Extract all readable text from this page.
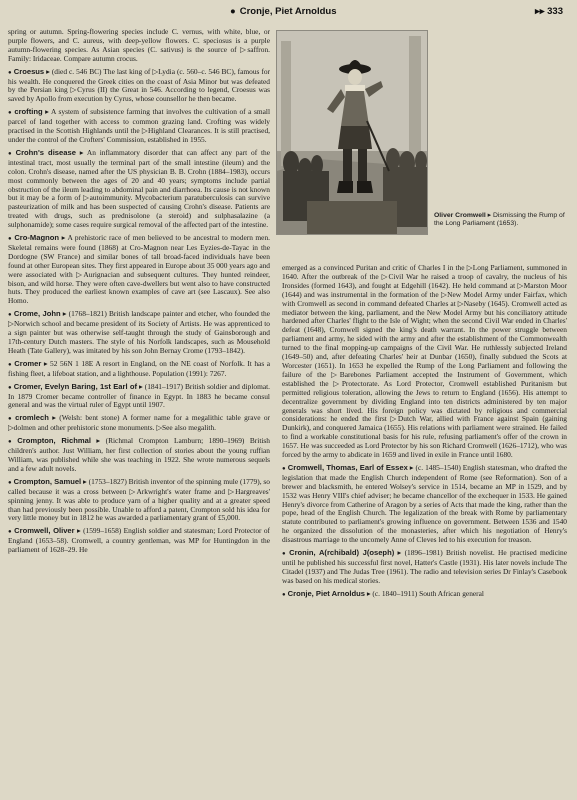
● Cronje, Piet Arnoldus	▸▸ 333

spring or autumn. Spring-flowering species include C. vernus, with white, blue, or purple flowers, and C. aureus, with deep-yellow flowers. C. speciosus is a purple autumn-flowering species. As Asian species (C. sativus) is the source of ▷saffron. Family: Iridaceae. Compare autumn crocus.

● Croesus ▸ (died c. 546 BC) The last king of ▷Lydia (c. 560–c. 546 BC), famous for his wealth. He conquered the Greek cities on the coast of Asia Minor but was defeated by the Persian king ▷Cyrus (II) the Great in 546. According to legend, Croesus was saved by Apollo from execution by Cyrus, whose counsellor he then became.

● crofting ▸ A system of subsistence farming that involves the cultivation of a small parcel of land together with access to common grazing land. Crofting was widely practised in the Scottish Highlands until the ▷Highland Clearances. It is still practised, under the control of the Crofters' Commission, established in 1955.

● Crohn's disease ▸ An inflammatory disorder that can affect any part of the intestinal tract, most usually the terminal part of the small intestine (ileum) and the colon. Crohn's disease, named after the US physician B. B. Crohn (1884–1983), occurs most commonly between the ages of 20 and 40 years; symptoms include partial obstruction of the ileum leading to abdominal pain and diarrhoea. Its cause is not known but it may be a form of ▷autoimmunity. Mycobacterium paratuberculosis can survive pasteurization of milk and has been suspected of causing Crohn's disease. Patients are treated with drugs, such as prednisolone (a steroid) and sulphasalazine (a sulphonamide); some cases require surgical removal of the affected part of the intestine.

● Cro-Magnon ▸ A prehistoric race of men believed to be ancestral to modern men. Skeletal remains were found (1868) at Cro-Magnon near Les Eyzies-de-Tayac in the Dordogne (SW France) and similar bones of tall broad-faced individuals have been found at other European sites. They first appeared in Europe about 35 000 years ago and were associated with ▷Aurignacian and subsequent cultures. They hunted reindeer, bison, and wild horse. They were often cave-dwellers but went also to have constructed huts. They produced the earliest known examples of cave art (see Lascaux). See also Homo.

● Crome, John ▸ (1768–1821) British landscape painter and etcher, who founded the ▷Norwich school and became president of its Society of Artists. He was apprenticed to a sign painter but was otherwise self-taught through the study of Gainsborough and 17th-century Dutch masters. The style of his Norfolk landscapes, such as Mousehold Heath (Tate Gallery), was imitated by his son John Bernay Crome (1793–1842).

● Cromer ▸ 52 56N 1 18E A resort in England, on the NE coast of Norfolk. It has a fishing fleet, a lifeboat station, and a lighthouse. Population (1991): 7267.

● Cromer, Evelyn Baring, 1st Earl of ▸ (1841–1917) British soldier and diplomat. In 1879 Cromer became controller of finance in Egypt. In 1883 he became consul general and was the virtual ruler of Egypt until 1907.

● cromlech ▸ (Welsh: bent stone) A former name for a megalithic table grave or ▷dolmen and other prehistoric stone monuments. ▷See also megalith.

● Crompton, Richmal ▸ (Richmal Crompton Lamburn; 1890–1969) British children's author. Just William, her first collection of stories about the young ruffian William, was published while she was teaching in 1922. She wrote numerous sequels and a few adult novels.

● Crompton, Samuel ▸ (1753–1827) British inventor of the spinning mule (1779), so called because it was a cross between ▷Arkwright's water frame and ▷Hargreaves' spinning jenny. It was able to produce yarn of a higher quality and at a greater speed than had previously been possible. Unable to afford a patent, Crompton sold his idea for very little money but in 1812 he was awarded a parliamentary grant of £5,000.

● Cromwell, Oliver ▸ (1599–1658) English soldier and statesman; Lord Protector of England (1653–58). Cromwell, a country gentleman, was MP for Huntingdon in the parliament of 1628–29. He

Oliver Cromwell ▸ Dismissing the Rump of the Long Parliament (1653).

emerged as a convinced Puritan and critic of Charles I in the ▷Long Parliament, summoned in 1640. After the outbreak of the ▷Civil War he raised a troop of cavalry, the nucleus of his Ironsides (formed 1643), and fought at Edgehill (1642). He held command at ▷Marston Moor (1644) and was instrumental in the formation of the ▷New Model Army under Fairfax, which with Cromwell as second in command defeated Charles at ▷Naseby (1645). Cromwell acted as mediator between the king, parliament, and the New Model Army but his conciliatory attitude hardened after Charles' flight to the Isle of Wight; when the second Civil War ended in Charles' defeat (1648), Cromwell signed the king's death warrant. In the power struggle between parliament and army, he sided with the army and after the establishment of the Commonwealth turned to the final mopping-up campaigns of the Civil War. He ruthlessly subjected Ireland (1649–50) and, after defeating Charles' heir at Dunbar (1650), finally subdued the Scots at Worcester (1651). In 1653 he expelled the Rump of the Long Parliament and following the failure of the ▷Barebones Parliament accepted the Instrument of Government, which established the ▷Protectorate. As Lord Protector, Cromwell established Puritanism but permitted religious toleration, allowing the Jews to return to England (1656). His attempt to decentralize government by dividing England into ten districts administered by ten major generals was short lived. His foreign policy was dictated by religious and commercial considerations: he ended the first ▷Dutch War, allied with France against Spain (gaining Dunkirk), and conquered Jamaica (1655). His relations with parliament were strained. He failed to find a workable constitutional basis for his rule, refusing parliament's offer of the crown in 1657. He was succeeded as Lord Protector by his son Richard Cromwell (1626–1712), who was forced by the army to abdicate in 1659 and lived in exile in France until 1680.

● Cromwell, Thomas, Earl of Essex ▸ (c. 1485–1540) English statesman, who drafted the legislation that made the English Church independent of Rome (see Reformation). Son of a brewer and blacksmith, he entered Wolsey's service in 1514, became an MP in 1529, and by 1532 was Henry VIII's chief adviser; he became chancellor of the exchequer in 1533. He gained Henry's divorce from Catherine of Aragon by a series of Acts that made the king, rather than the pope, head of the English Church. The legalization of the break with Rome by parliamentary statute contributed to parliament's growing influence on government. Between 1536 and 1540 he organized the dissolution of the monasteries, after which his negotiation of Henry's disastrous marriage to the uncomely Anne of Cleves led to his execution for treason.

● Cronin, A(rchibald) J(oseph) ▸ (1896–1981) British novelist. He practised medicine until he published his successful first novel, Hatter's Castle (1931). His later novels include The Citadel (1937) and The Judas Tree (1961). The radio and television series Dr Finlay's Casebook was based on his medical stories.

● Cronje, Piet Arnoldus ▸ (c. 1840–1911) South African general
